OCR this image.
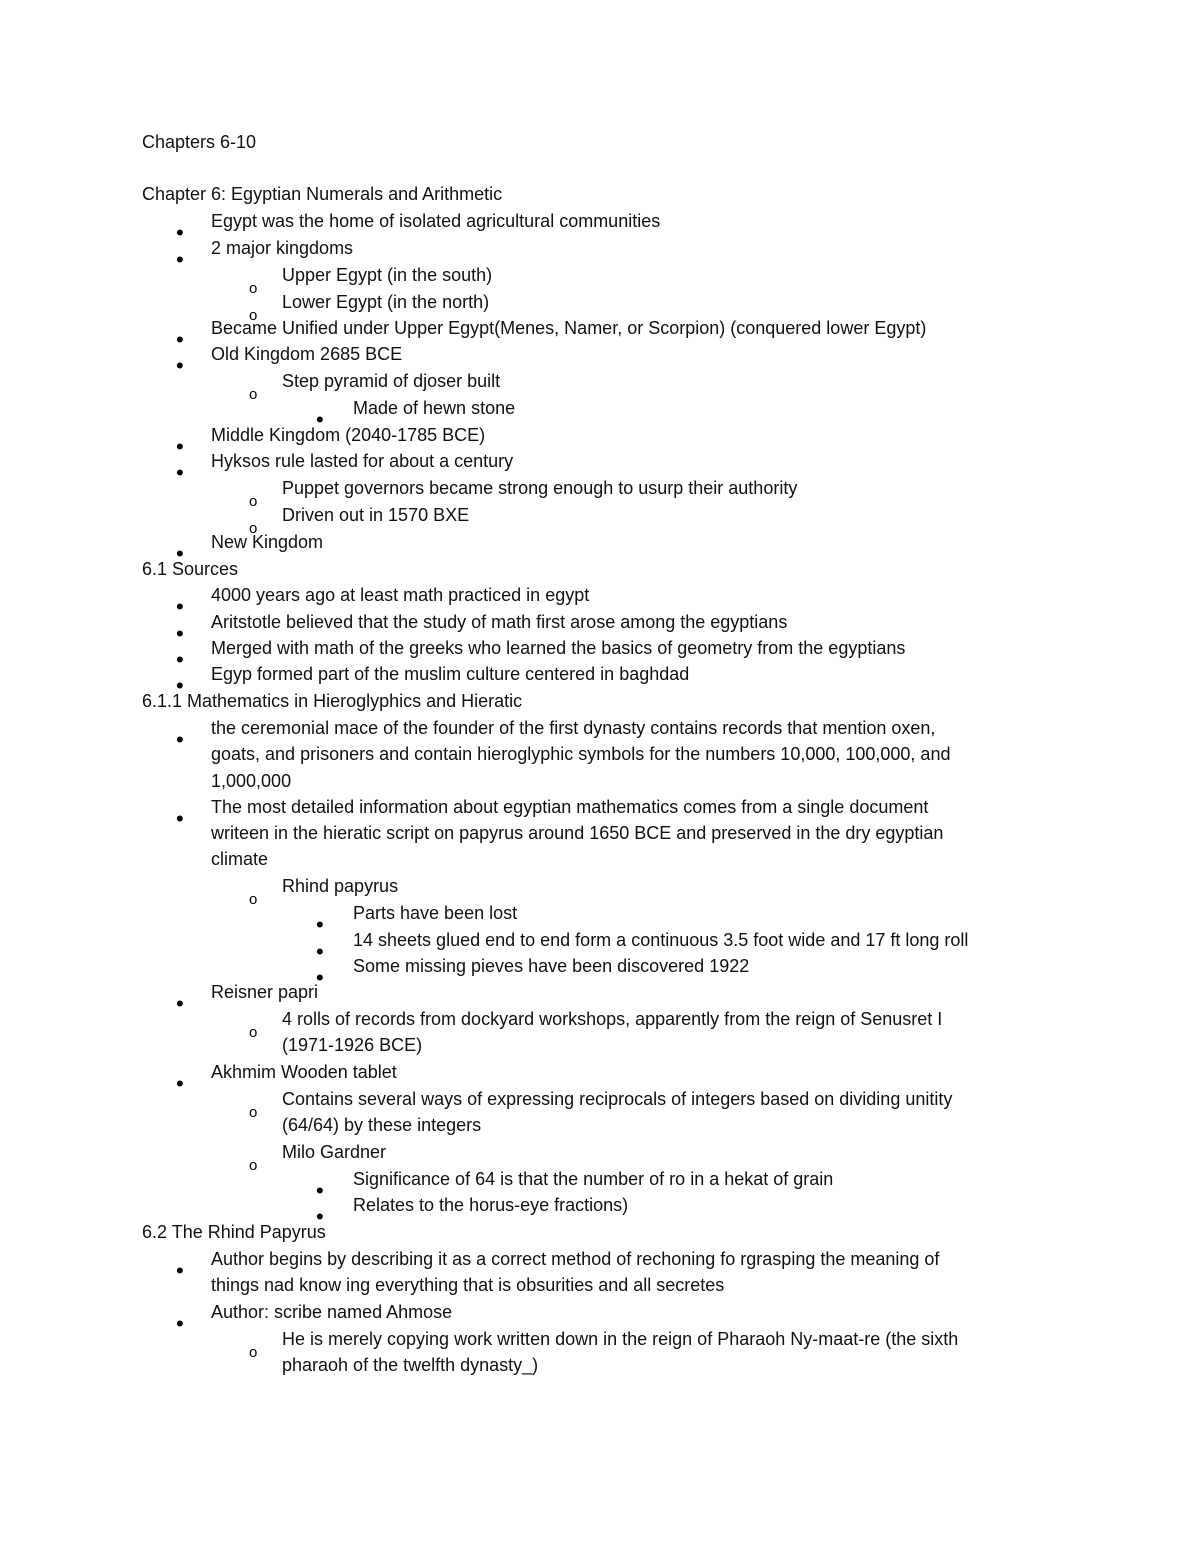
Chapters 6-10
Chapter 6: Egyptian Numerals and Arithmetic
•
Egypt was the home of isolated agricultural communities
•
2 major kingdoms
o
Upper Egypt (in the south)
o
Lower Egypt (in the north)
•
Became Unified under Upper Egypt(Menes, Namer, or Scorpion) (conquered lower Egypt)
•
Old Kingdom 2685 BCE
o
Step pyramid of djoser built
•
Made of hewn stone
•
Middle Kingdom (2040-1785 BCE)
•
Hyksos rule lasted for about a century
o
Puppet governors became strong enough to usurp their authority
o
Driven out in 1570 BXE
•
New Kingdom
6.1 Sources
•
4000 years ago at least math practiced in egypt
•
Aritstotle believed that the study of math first arose among the egyptians
•
Merged with math of the greeks who learned the basics of geometry from the egyptians
•
Egyp formed part of the muslim culture centered in baghdad
6.1.1 Mathematics in Hieroglyphics and Hieratic
•
the ceremonial mace of the founder of the first dynasty contains records that mention oxen,
goats, and prisoners and contain hieroglyphic symbols for the numbers 10,000, 100,000, and
1,000,000
•
The most detailed information about egyptian mathematics comes from a single document
writeen in the hieratic script on papyrus around 1650 BCE and preserved in the dry egyptian
climate
o
Rhind papyrus
•
Parts have been lost
•
14 sheets glued end to end form a continuous 3.5 foot wide and 17 ft long roll
•
Some missing pieves have been discovered 1922
•
Reisner papri
o
4 rolls of records from dockyard workshops, apparently from the reign of Senusret I
(1971-1926 BCE)
•
Akhmim Wooden tablet
o
Contains several ways of expressing reciprocals of integers based on dividing unitity
(64/64) by these integers
o
Milo Gardner
•
Significance of 64 is that the number of ro in a hekat of grain
•
Relates to the horus-eye fractions)
6.2 The Rhind Papyrus
•
Author begins by describing it as a correct method of rechoning fo rgrasping the meaning of
things nad know ing everything that is obsurities and all secretes
•
Author: scribe named Ahmose
o
He is merely copying work written down in the reign of Pharaoh Ny-maat-re (the sixth
pharaoh of the twelfth dynasty_)
